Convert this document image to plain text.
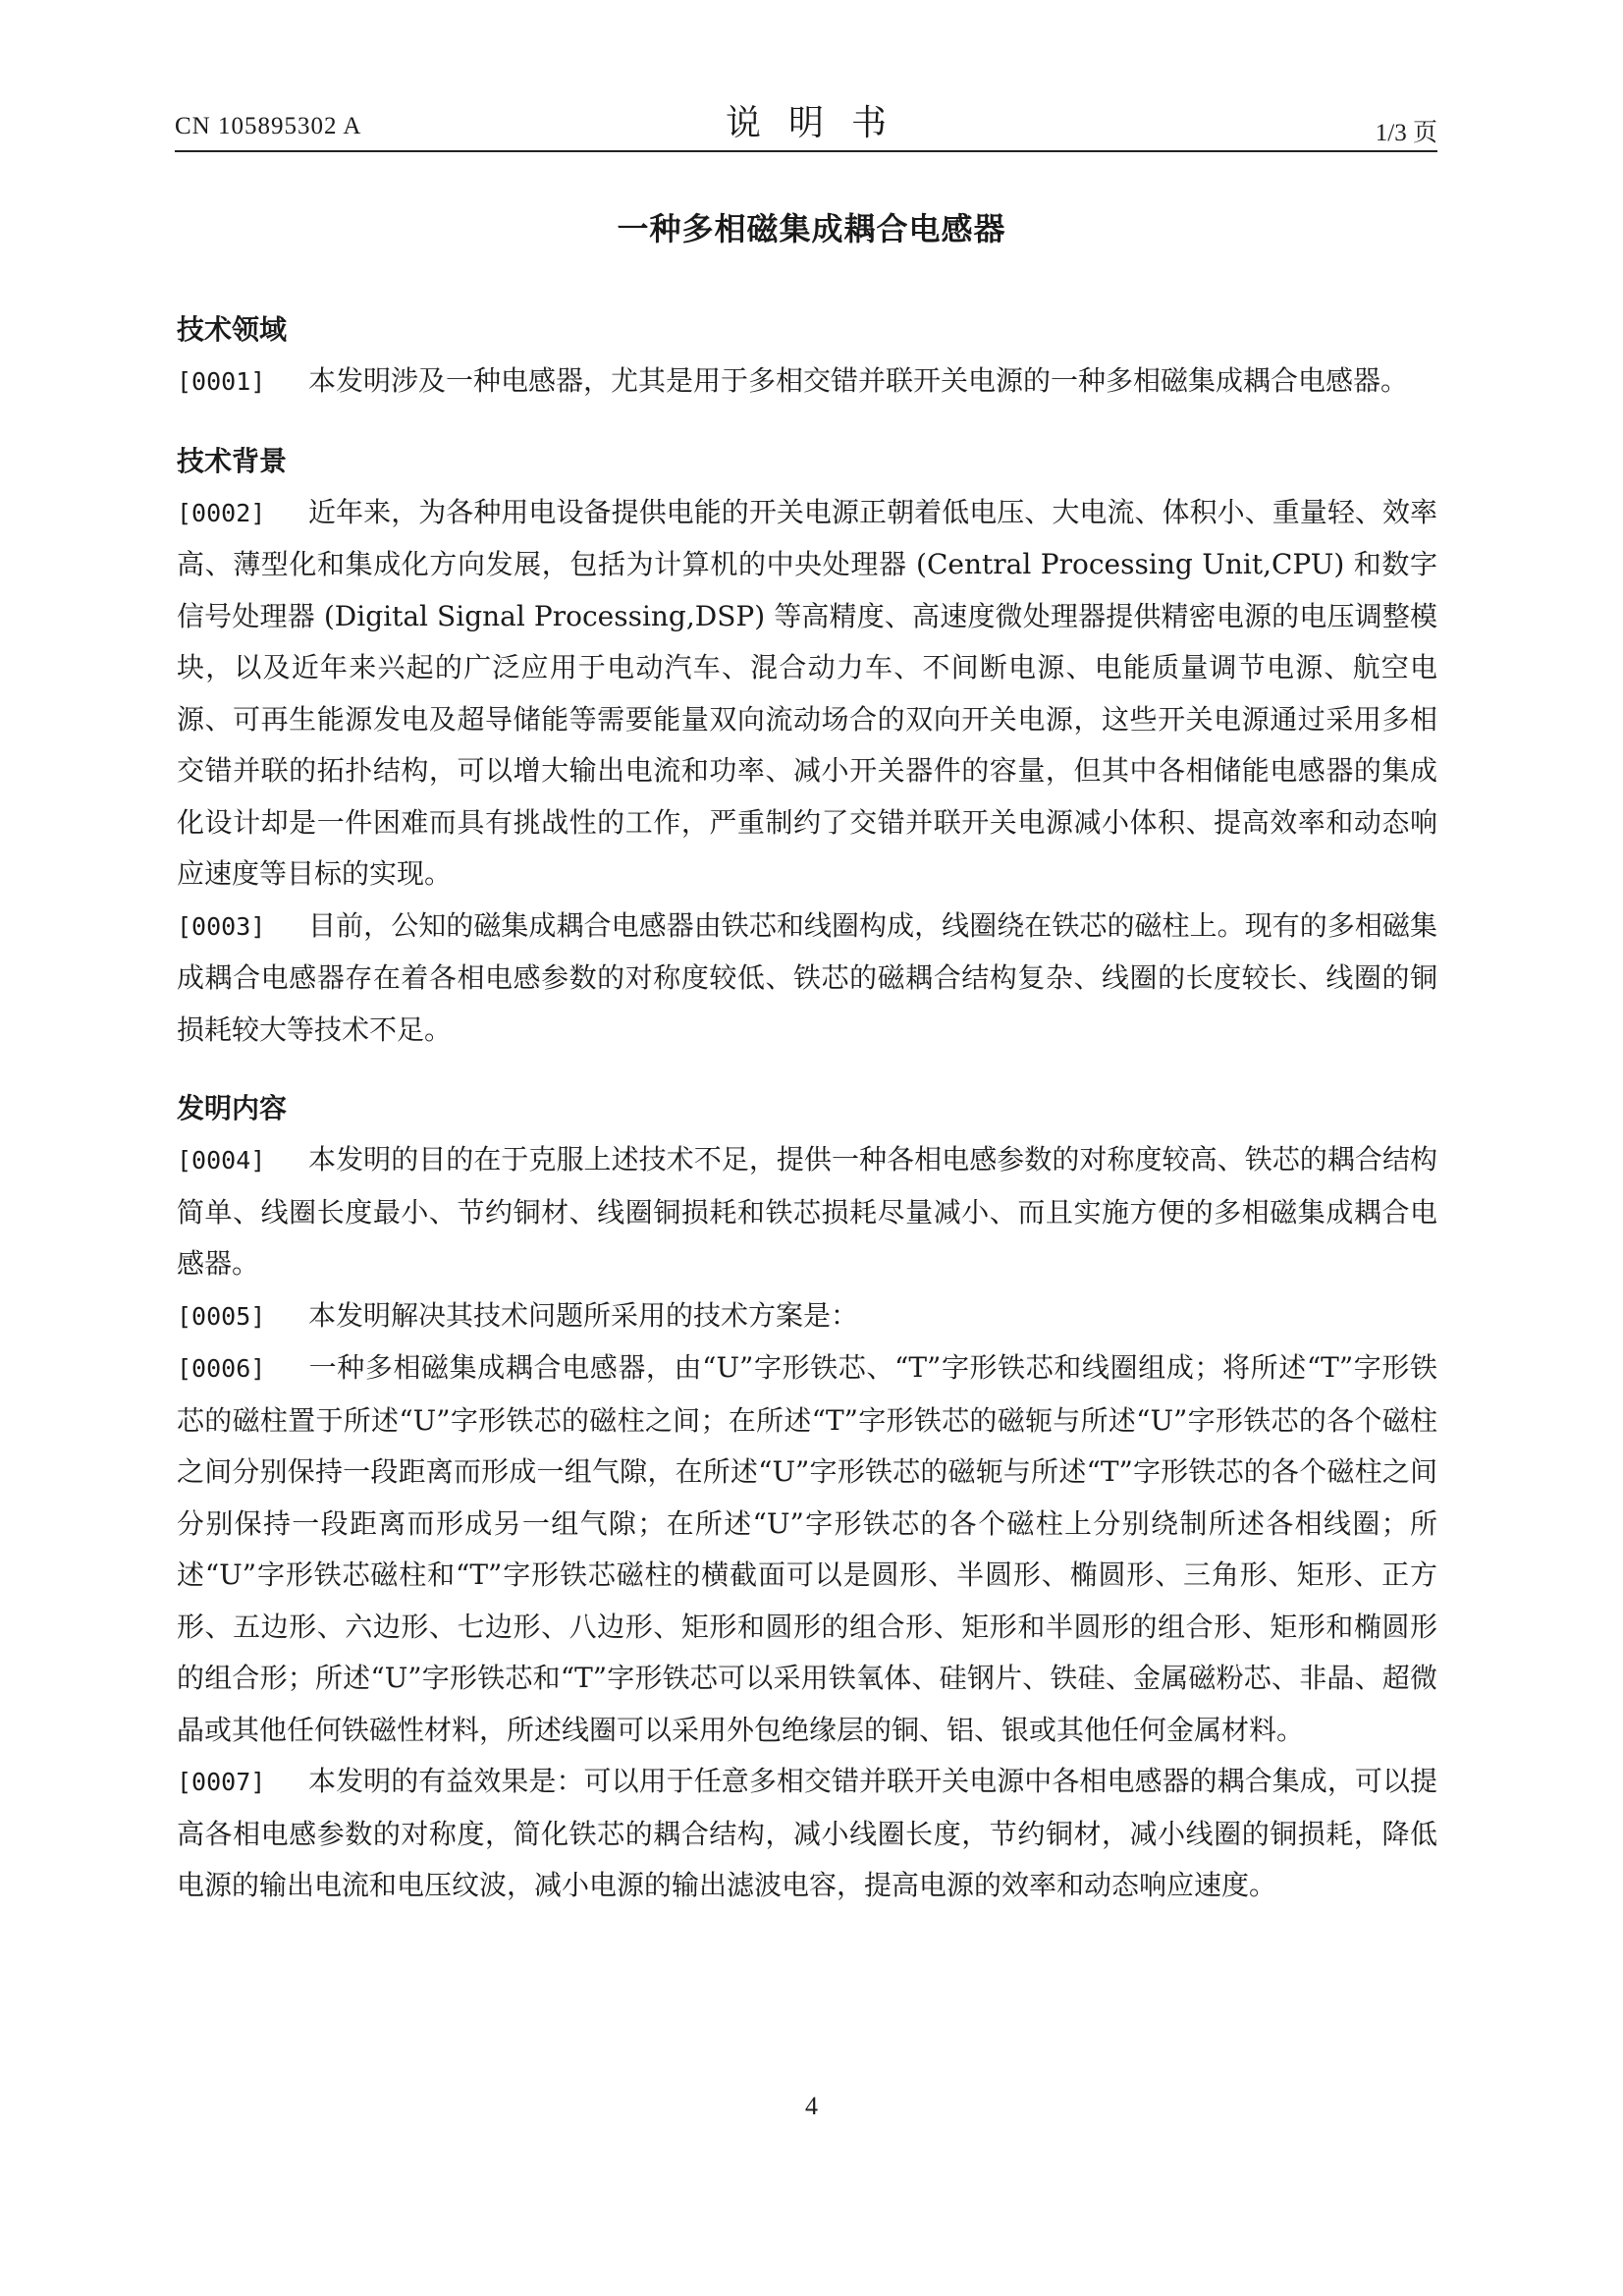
CN 105895302 A	说明书	1/3 页
一种多相磁集成耦合电感器
技术领域
[0001] 本发明涉及一种电感器，尤其是用于多相交错并联开关电源的一种多相磁集成耦合电感器。
技术背景
[0002] 近年来，为各种用电设备提供电能的开关电源正朝着低电压、大电流、体积小、重量轻、效率高、薄型化和集成化方向发展，包括为计算机的中央处理器 (Central Processing Unit,CPU) 和数字信号处理器 (Digital Signal Processing,DSP) 等高精度、高速度微处理器提供精密电源的电压调整模块，以及近年来兴起的广泛应用于电动汽车、混合动力车、不间断电源、电能质量调节电源、航空电源、可再生能源发电及超导储能等需要能量双向流动场合的双向开关电源，这些开关电源通过采用多相交错并联的拓扑结构，可以增大输出电流和功率、减小开关器件的容量，但其中各相储能电感器的集成化设计却是一件困难而具有挑战性的工作，严重制约了交错并联开关电源减小体积、提高效率和动态响应速度等目标的实现。
[0003] 目前，公知的磁集成耦合电感器由铁芯和线圈构成，线圈绕在铁芯的磁柱上。现有的多相磁集成耦合电感器存在着各相电感参数的对称度较低、铁芯的磁耦合结构复杂、线圈的长度较长、线圈的铜损耗较大等技术不足。
发明内容
[0004] 本发明的目的在于克服上述技术不足，提供一种各相电感参数的对称度较高、铁芯的耦合结构简单、线圈长度最小、节约铜材、线圈铜损耗和铁芯损耗尽量减小、而且实施方便的多相磁集成耦合电感器。
[0005] 本发明解决其技术问题所采用的技术方案是：
[0006] 一种多相磁集成耦合电感器，由“U”字形铁芯、“T”字形铁芯和线圈组成；将所述“T”字形铁芯的磁柱置于所述“U”字形铁芯的磁柱之间；在所述“T”字形铁芯的磁轭与所述“U”字形铁芯的各个磁柱之间分别保持一段距离而形成一组气隙，在所述“U”字形铁芯的磁轭与所述“T”字形铁芯的各个磁柱之间分别保持一段距离而形成另一组气隙；在所述“U”字形铁芯的各个磁柱上分别绕制所述各相线圈；所述“U”字形铁芯磁柱和“T”字形铁芯磁柱的横截面可以是圆形、半圆形、椭圆形、三角形、矩形、正方形、五边形、六边形、七边形、八边形、矩形和圆形的组合形、矩形和半圆形的组合形、矩形和椭圆形的组合形；所述“U”字形铁芯和“T”字形铁芯可以采用铁氧体、硅钢片、铁硅、金属磁粉芯、非晶、超微晶或其他任何铁磁性材料，所述线圈可以采用外包绝缘层的铜、铝、银或其他任何金属材料。
[0007] 本发明的有益效果是：可以用于任意多相交错并联开关电源中各相电感器的耦合集成，可以提高各相电感参数的对称度，简化铁芯的耦合结构，减小线圈长度，节约铜材，减小线圈的铜损耗，降低电源的输出电流和电压纹波，减小电源的输出滤波电容，提高电源的效率和动态响应速度。
4
